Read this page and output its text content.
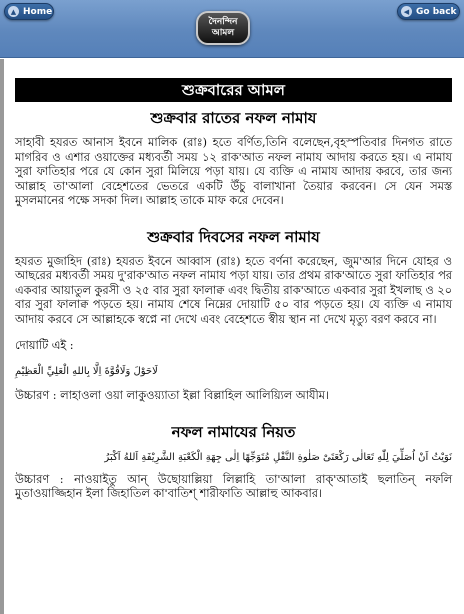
▲ Home
দৈনন্দিন
আমল
◀ Go back
শুক্রবারের আমল
শুক্রবার রাতের নফল নামায

সাহাবী হযরত আনাস ইবনে মালিক (রাঃ) হতে বর্ণিত,তিনি বলেছেন,বৃহস্পতিবার দিনগত রাতে মাগরিব ও এশার ওয়াক্তের মধ্যবর্তী সময় ১২ রাক'আত নফল নামায আদায় করতে হয়। এ নামায সুরা ফাতিহার পরে যে কোন সুরা মিলিয়ে পড়া যায়। যে ব্যক্তি এ নামায আদায় করবে, তার জন্য আল্লাহ তা'আলা বেহেশতের ভেতরে একটি উঁচু বালাখানা তৈয়ার করবেন। সে যেন সমস্ত মুসলমানের পক্ষে সদকা দিল। আল্লাহ তাকে মাফ করে দেবেন।

শুক্রবার দিবসের নফল নামায

হযরত মুজাহিদ (রাঃ) হযরত ইবনে আব্বাস (রাঃ) হতে বর্ণনা করেছেন, জুম'আর দিনে যোহর ও আছরের মধ্যবর্তী সময় দু'রাক'আত নফল নামায পড়া যায়। তার প্রথম রাক'আতে সুরা ফাতিহার পর একবার আয়াতুল কুরসী ও ২৫ বার সুরা ফালাক্ব এবং দ্বিতীয় রাক'আতে একবার সুরা ইখলাছ ও ২০ বার সুরা ফালাক্ব পড়তে হয়। নামায শেষে নিম্নের দোয়াটি ৫০ বার পড়তে হয়। যে ব্যক্তি এ নামায আদায় করবে সে আল্লাহকে স্বপ্নে না দেখে এবং বেহেশতে স্বীয় স্থান না দেখে মৃত্যু বরণ করবে না।

দোয়াটি এই :
لَاحَوْلَ وَلَاقُوَّةَ اِلَّا بِاللهِ الْعَلِيِّ الْعَظِيْمِ
উচ্চারণ : লাহাওলা ওয়া লাকুওয়্যাতা ইল্লা বিল্লাহিল আলিয়্যিল আযীম।
নফল নামাযের নিয়ত
نَوَيْتُ اَنْ اُصَلِّيَ لِلّٰهِ تَعَالٰى رَكْعَتَىْ صَلٰوةِ النَّفْلِ مُتَوَجِّهًا اِلٰى جِهَةِ الْكَعْبَةِ الشَّرِيْفَةِ اَللهُ اَكْبَرُ

উচ্চারণ : নাওয়াইতু আন্ উছোয়াল্লিয়া লিল্লাহি তা'আলা রাক্'আতাই ছলাতিন্ নফলি মুতাওয়াজ্জিহান ইলা জিহাতিল কা'বাতিশ্ শারীফাতি আল্লাহু আকবার।
